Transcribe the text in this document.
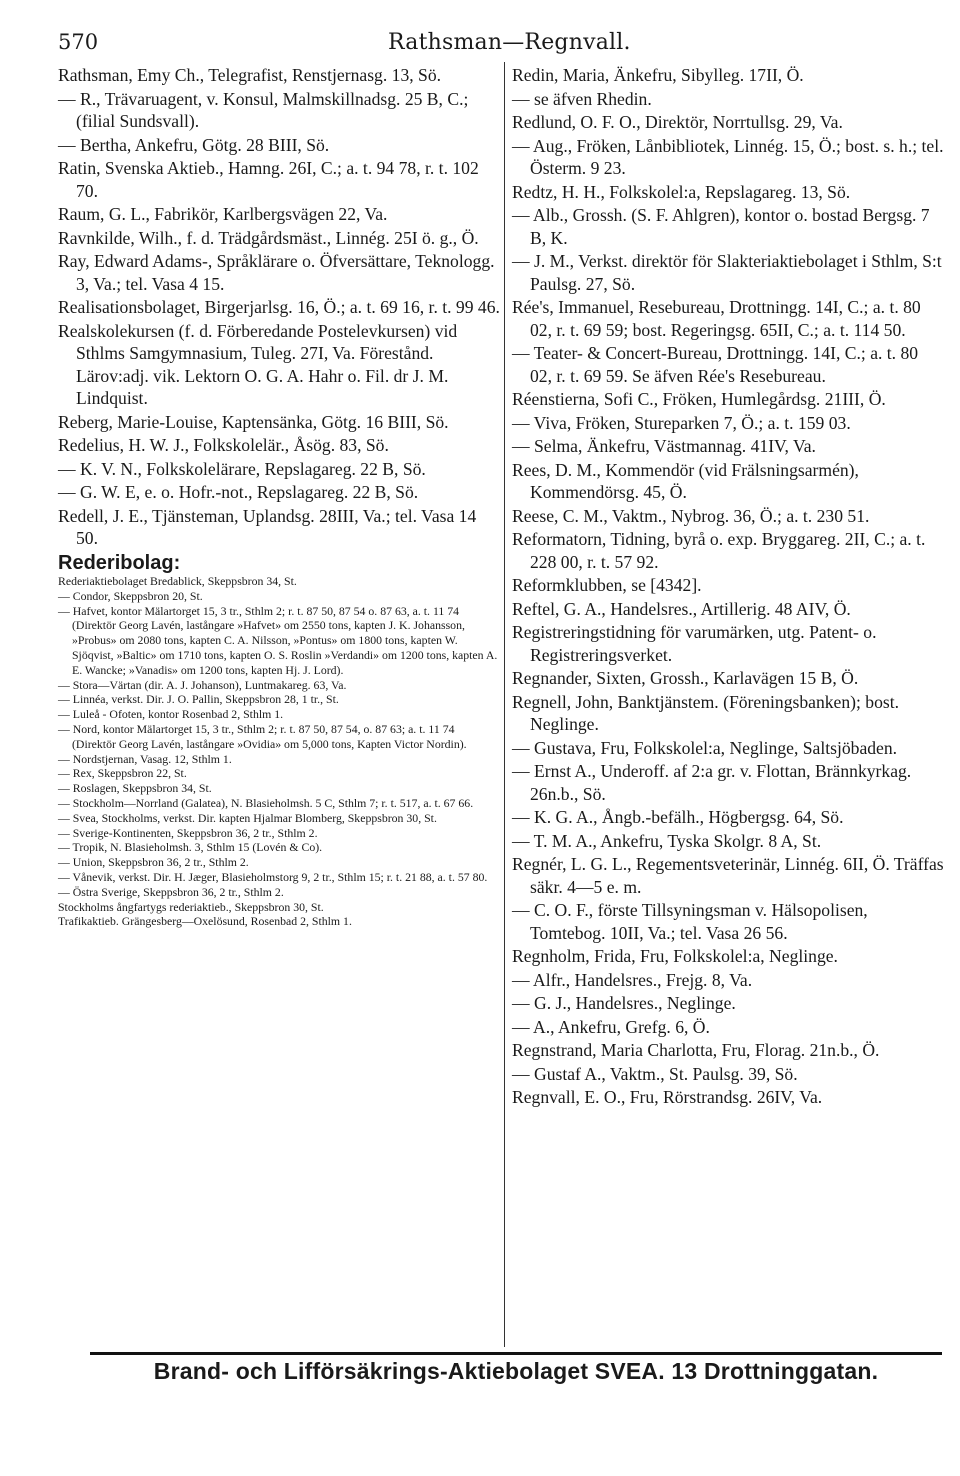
570	Rathsman—Regnvall.
Rathsman, Emy Ch., Telegrafist, Renstjernasg. 13, Sö.
— R., Trävaruagent, v. Konsul, Malmskillnadsg. 25 B, C.; (filial Sundsvall).
— Bertha, Ankefru, Götg. 28 BIII, Sö.
Ratin, Svenska Aktieb., Hamng. 26I, C.; a. t. 94 78, r. t. 102 70.
Raum, G. L., Fabrikör, Karlbergsvägen 22, Va.
Ravnkilde, Wilh., f. d. Trädgårdsmäst., Linnég. 25I ö. g., Ö.
Ray, Edward Adams-, Språklärare o. Öfversättare, Teknologg. 3, Va.; tel. Vasa 4 15.
Realisationsbolaget, Birgerjarlsg. 16, Ö.; a. t. 69 16, r. t. 99 46.
Realskolekursen (f. d. Förberedande Postelevkursen) vid Sthlms Samgymnasium, Tuleg. 27I, Va. Förestånd. Lärov:adj. vik. Lektorn O. G. A. Hahr o. Fil. dr J. M. Lindquist.
Reberg, Marie-Louise, Kaptensänka, Götg. 16 BIII, Sö.
Redelius, H. W. J., Folkskolelär., Åsög. 83, Sö.
— K. V. N., Folkskolelärare, Repslagareg. 22 B, Sö.
— G. W. E, e. o. Hofr.-not., Repslagareg. 22 B, Sö.
Redell, J. E., Tjänsteman, Uplandsg. 28III, Va.; tel. Vasa 14 50.
Rederibolag:
Rederiaktiebolaget Bredablick, Skeppsbron 34, St.
— Condor, Skeppsbron 20, St.
— Hafvet, kontor Mälartorget 15, 3 tr., Sthlm 2; r. t. 87 50, 87 54 o. 87 63, a. t. 11 74 (Direktör Georg Lavén, lastångare »Hafvet» om 2550 tons, kapten J. K. Johansson, »Probus» om 2080 tons, kapten C. A. Nilsson, »Pontus» om 1800 tons, kapten W. Sjöqvist, »Baltic» om 1710 tons, kapten O. S. Roslin »Verdandi» om 1200 tons, kapten A. E. Wancke; »Vanadis» om 1200 tons, kapten Hj. J. Lord).
— Stora—Värtan (dir. A. J. Johanson), Luntmakareg. 63, Va.
— Linnéa, verkst. Dir. J. O. Pallin, Skeppsbron 28, 1 tr., St.
— Luleå - Ofoten, kontor Rosenbad 2, Sthlm 1.
— Nord, kontor Mälartorget 15, 3 tr., Sthlm 2; r. t. 87 50, 87 54, o. 87 63; a. t. 11 74 (Direktör Georg Lavén, lastångare »Ovidia» om 5,000 tons, Kapten Victor Nordin).
— Nordstjernan, Vasag. 12, Sthlm 1.
— Rex, Skeppsbron 22, St.
— Roslagen, Skeppsbron 34, St.
— Stockholm—Norrland (Galatea), N. Blasieholmsh. 5 C, Sthlm 7; r. t. 517, a. t. 67 66.
— Svea, Stockholms, verkst. Dir. kapten Hjalmar Blomberg, Skeppsbron 30, St.
— Sverige-Kontinenten, Skeppsbron 36, 2 tr., Sthlm 2.
— Tropik, N. Blasieholmsh. 3, Sthlm 15 (Lovén & Co).
— Union, Skeppsbron 36, 2 tr., Sthlm 2.
— Vånevik, verkst. Dir. H. Jæger, Blasieholmstorg 9, 2 tr., Sthlm 15; r. t. 21 88, a. t. 57 80.
— Östra Sverige, Skeppsbron 36, 2 tr., Sthlm 2.
Stockholms ångfartygs rederiaktieb., Skeppsbron 30, St.
Trafikaktieb. Grängesberg—Oxelösund, Rosenbad 2, Sthlm 1.
Redin, Maria, Änkefru, Sibylleg. 17II, Ö.
— se äfven Rhedin.
Redlund, O. F. O., Direktör, Norrtullsg. 29, Va.
— Aug., Fröken, Lånbibliotek, Linnég. 15, Ö.; bost. s. h.; tel. Österm. 9 23.
Redtz, H. H., Folkskolel:a, Repslagareg. 13, Sö.
— Alb., Grossh. (S. F. Ahlgren), kontor o. bostad Bergsg. 7 B, K.
— J. M., Verkst. direktör för Slakteriaktiebolaget i Sthlm, S:t Paulsg. 27, Sö.
Rée's, Immanuel, Resebureau, Drottningg. 14I, C.; a. t. 80 02, r. t. 69 59; bost. Regeringsg. 65II, C.; a. t. 114 50.
— Teater- & Concert-Bureau, Drottningg. 14I, C.; a. t. 80 02, r. t. 69 59. Se äfven Rée's Resebureau.
Réenstierna, Sofi C., Fröken, Humlegårdsg. 21III, Ö.
— Viva, Fröken, Stureparken 7, Ö.; a. t. 159 03.
— Selma, Änkefru, Västmannag. 41IV, Va.
Rees, D. M., Kommendör (vid Frälsningsarmén), Kommendörsg. 45, Ö.
Reese, C. M., Vaktm., Nybrog. 36, Ö.; a. t. 230 51.
Reformatorn, Tidning, byrå o. exp. Bryggareg. 2II, C.; a. t. 228 00, r. t. 57 92.
Reformklubben, se [4342].
Reftel, G. A., Handelsres., Artillerig. 48 AIV, Ö.
Registreringstidning för varumärken, utg. Patent- o. Registreringsverket.
Regnander, Sixten, Grossh., Karlavägen 15 B, Ö.
Regnell, John, Banktjänstem. (Föreningsbanken); bost. Neglinge.
— Gustava, Fru, Folkskolel:a, Neglinge, Saltsjöbaden.
— Ernst A., Underoff. af 2:a gr. v. Flottan, Brännkyrkag. 26n.b., Sö.
— K. G. A., Ångb.-befälh., Högbergsg. 64, Sö.
— T. M. A., Ankefru, Tyska Skolgr. 8 A, St.
Regnér, L. G. L., Regementsveterinär, Linnég. 6II, Ö. Träffas säkr. 4—5 e. m.
— C. O. F., förste Tillsyningsman v. Hälsopolisen, Tomtebog. 10II, Va.; tel. Vasa 26 56.
Regnholm, Frida, Fru, Folkskolel:a, Neglinge.
— Alfr., Handelsres., Frejg. 8, Va.
— G. J., Handelsres., Neglinge.
— A., Ankefru, Grefg. 6, Ö.
Regnstrand, Maria Charlotta, Fru, Florag. 21n.b., Ö.
— Gustaf A., Vaktm., St. Paulsg. 39, Sö.
Regnvall, E. O., Fru, Rörstrandsg. 26IV, Va.
Brand- och Lifförsäkrings-Aktiebolaget SVEA. 13 Drottninggatan.
